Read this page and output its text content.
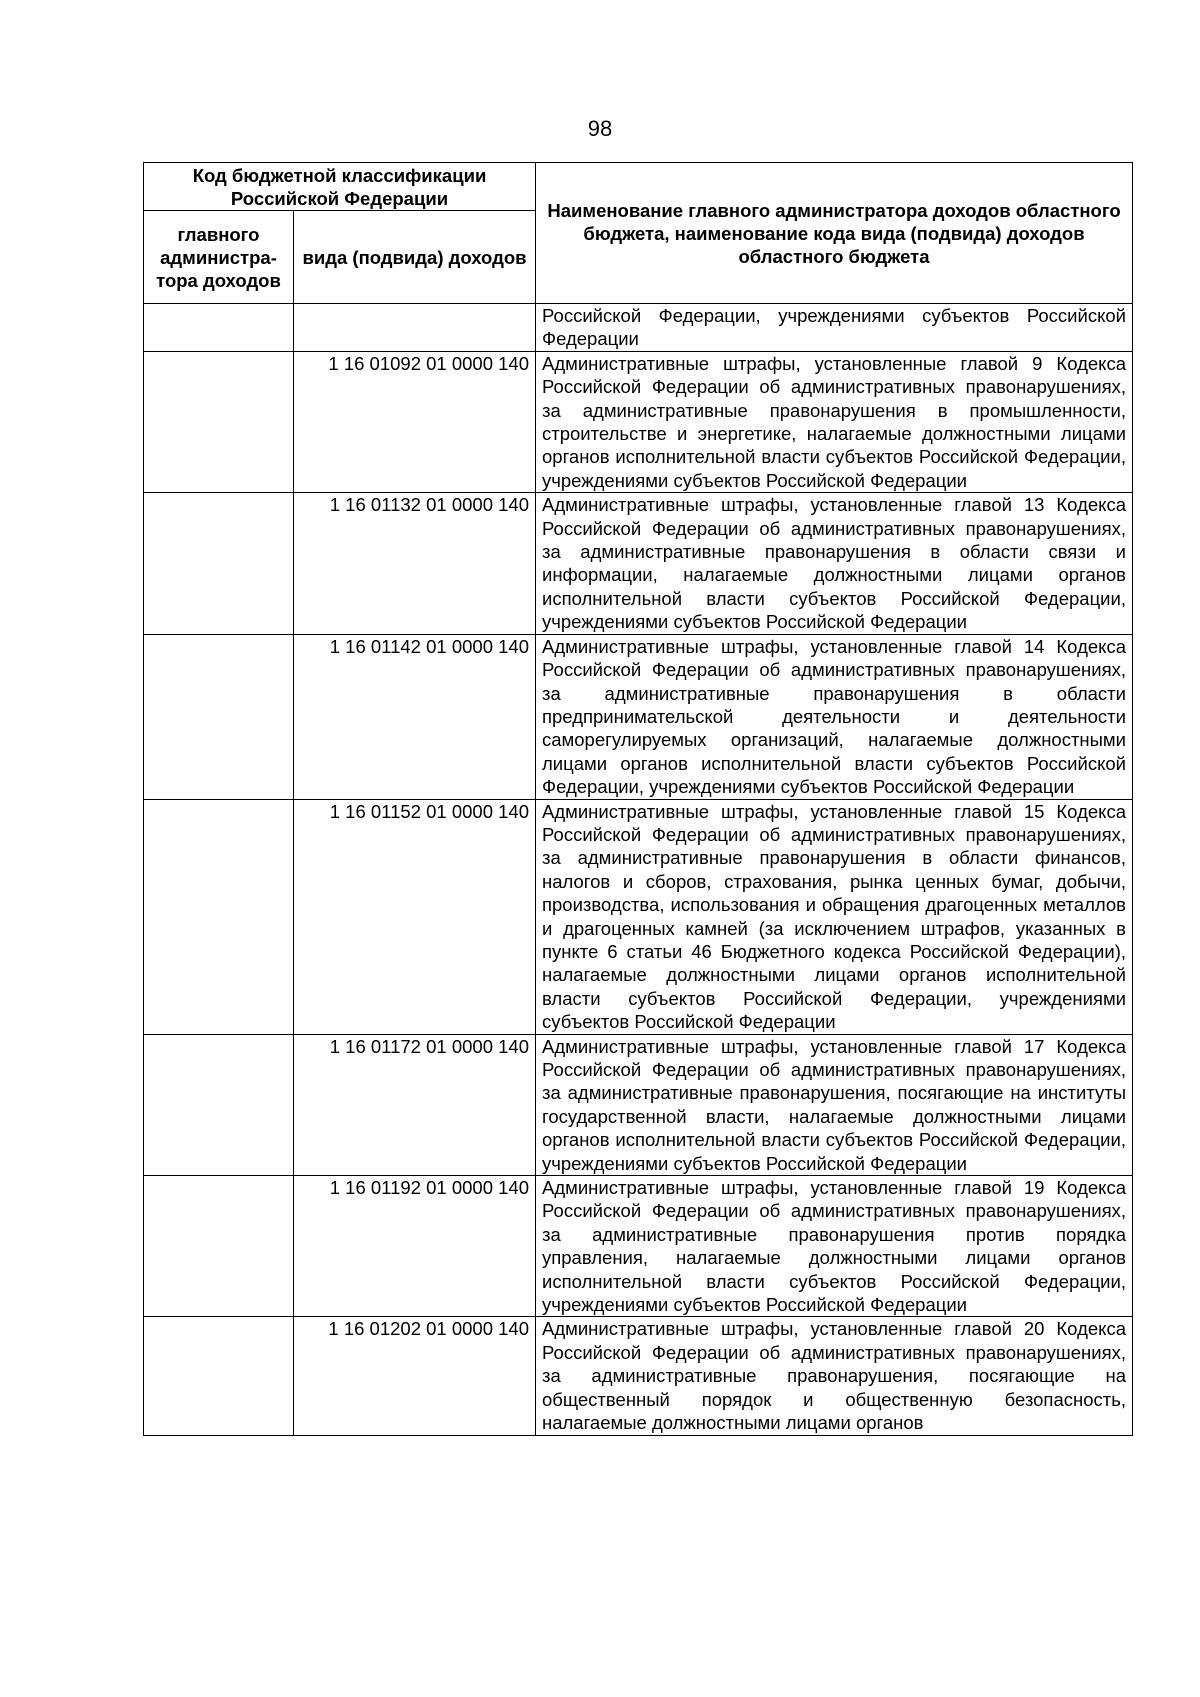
98
Код бюджетной классификации Российской Федерации		Наименование главного администратора доходов областного бюджета, наименование кода вида (подвида) доходов областного бюджета
главного администра-тора доходов	вида (подвида) доходов	
		Российской Федерации, учреждениями субъектов Российской Федерации
	1 16 01092 01 0000 140	Административные штрафы, установленные главой 9 Кодекса Российской Федерации об административных правонарушениях, за административные правонарушения в промышленности, строительстве и энергетике, налагаемые должностными лицами органов исполнительной власти субъектов Российской Федерации, учреждениями субъектов Российской Федерации
	1 16 01132 01 0000 140	Административные штрафы, установленные главой 13 Кодекса Российской Федерации об административных правонарушениях, за административные правонарушения в области связи и информации, налагаемые должностными лицами органов исполнительной власти субъектов Российской Федерации, учреждениями субъектов Российской Федерации
	1 16 01142 01 0000 140	Административные штрафы, установленные главой 14 Кодекса Российской Федерации об административных правонарушениях, за административные правонарушения в области предпринимательской деятельности и деятельности саморегулируемых организаций, налагаемые должностными лицами органов исполнительной власти субъектов Российской Федерации, учреждениями субъектов Российской Федерации
	1 16 01152 01 0000 140	Административные штрафы, установленные главой 15 Кодекса Российской Федерации об административных правонарушениях, за административные правонарушения в области финансов, налогов и сборов, страхования, рынка ценных бумаг, добычи, производства, использования и обращения драгоценных металлов и драгоценных камней (за исключением штрафов, указанных в пункте 6 статьи 46 Бюджетного кодекса Российской Федерации), налагаемые должностными лицами органов исполнительной власти субъектов Российской Федерации, учреждениями субъектов Российской Федерации
	1 16 01172 01 0000 140	Административные штрафы, установленные главой 17 Кодекса Российской Федерации об административных правонарушениях, за административные правонарушения, посягающие на институты государственной власти, налагаемые должностными лицами органов исполнительной власти субъектов Российской Федерации, учреждениями субъектов Российской Федерации
	1 16 01192 01 0000 140	Административные штрафы, установленные главой 19 Кодекса Российской Федерации об административных правонарушениях, за административные правонарушения против порядка управления, налагаемые должностными лицами органов исполнительной власти субъектов Российской Федерации, учреждениями субъектов Российской Федерации
	1 16 01202 01 0000 140	Административные штрафы, установленные главой 20 Кодекса Российской Федерации об административных правонарушениях, за административные правонарушения, посягающие на общественный порядок и общественную безопасность, налагаемые должностными лицами органов
